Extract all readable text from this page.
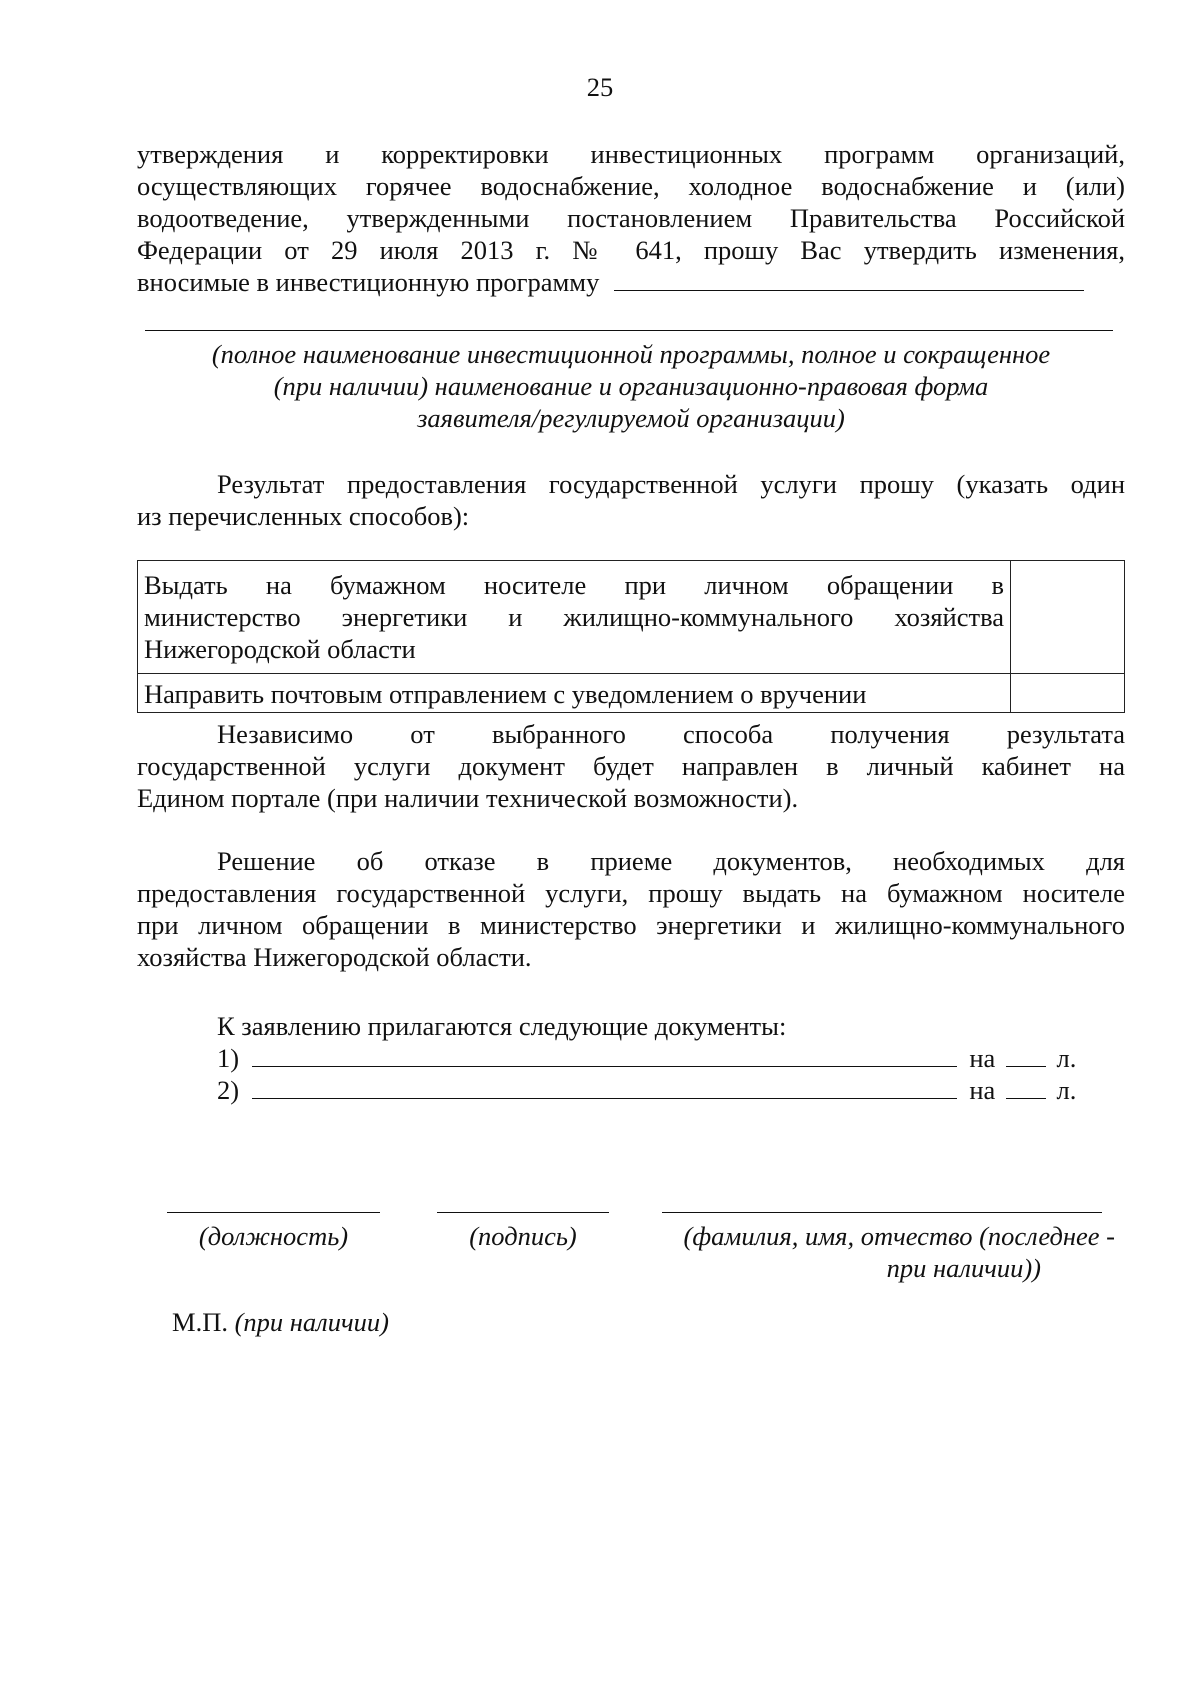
25
утверждения и корректировки инвестиционных программ организаций,
осуществляющих горячее водоснабжение, холодное водоснабжение и (или)
водоотведение, утвержденными постановлением Правительства Российской
Федерации от 29 июля 2013 г. № 641, прошу Вас утвердить изменения,
вносимые в инвестиционную программу
(полное наименование инвестиционной программы, полное и сокращенное
(при наличии) наименование и организационно-правовая форма
заявителя/регулируемой организации)
Результат предоставления государственной услуги прошу (указать один
из перечисленных способов):
Выдать на бумажном носителе при личном обращении в
министерство энергетики и жилищно-коммунального хозяйства
Нижегородской области	

Направить почтовым отправлением с уведомлением о вручении	

Независимо от выбранного способа получения результата
государственной услуги документ будет направлен в личный кабинет на
Едином портале (при наличии технической возможности).
Решение об отказе в приеме документов, необходимых для
предоставления государственной услуги, прошу выдать на бумажном носителе
при личном обращении в министерство энергетики и жилищно-коммунального
хозяйства Нижегородской области.
К заявлению прилагаются следующие документы:
1)	на л.
2)	на л.
(должность)	(подпись)	(фамилия, имя, отчество (последнее -
при наличии))
М.П. (при наличии)
